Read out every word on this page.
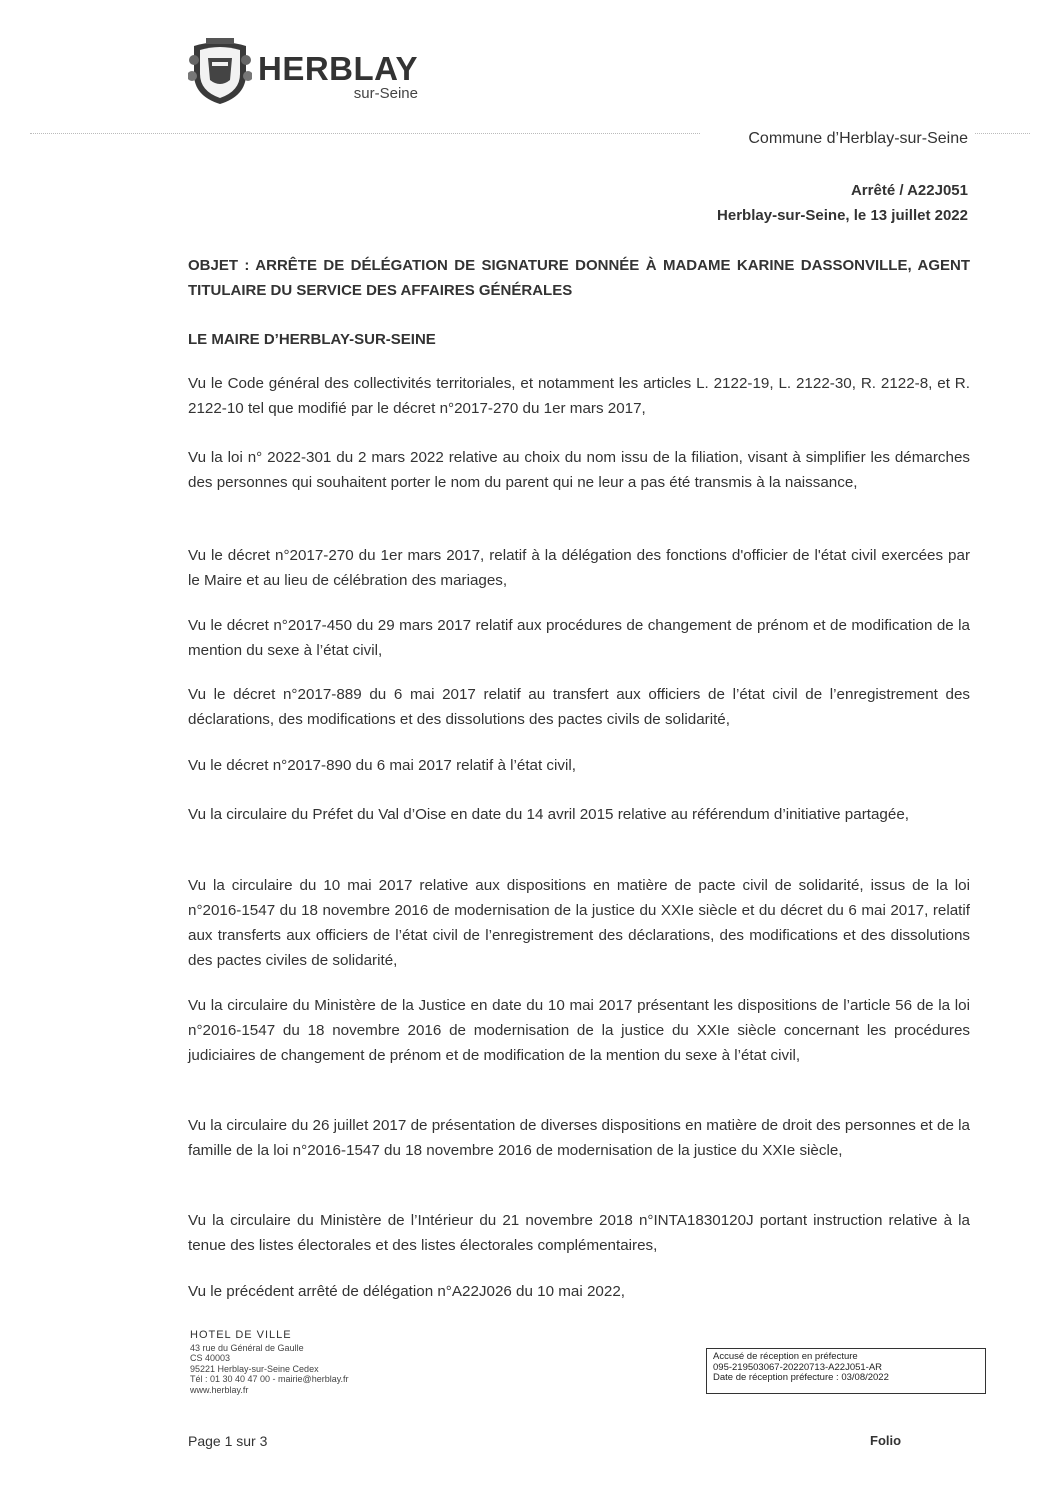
HERBLAY
sur-Seine
Commune d’Herblay-sur-Seine
Arrêté / A22J051
Herblay-sur-Seine, le 13 juillet 2022
OBJET : ARRÊTE DE DÉLÉGATION DE SIGNATURE DONNÉE À MADAME KARINE DASSONVILLE, AGENT TITULAIRE DU SERVICE DES AFFAIRES GÉNÉRALES
LE MAIRE D’HERBLAY-SUR-SEINE
Vu le Code général des collectivités territoriales, et notamment les articles L. 2122-19, L. 2122-30, R. 2122-8, et R. 2122-10 tel que modifié par le décret n°2017-270 du 1er mars 2017,
Vu la loi n° 2022-301 du 2 mars 2022 relative au choix du nom issu de la filiation, visant à simplifier les démarches des personnes qui souhaitent porter le nom du parent qui ne leur a pas été transmis à la naissance,
Vu le décret n°2017-270 du 1er mars 2017, relatif à la délégation des fonctions d'officier de l'état civil exercées par le Maire et au lieu de célébration des mariages,
Vu le décret n°2017-450 du 29 mars 2017 relatif aux procédures de changement de prénom et de modification de la mention du sexe à l’état civil,
Vu le décret n°2017-889 du 6 mai 2017 relatif au transfert aux officiers de l’état civil de l’enregistrement des déclarations, des modifications et des dissolutions des pactes civils de solidarité,
Vu le décret n°2017-890 du 6 mai 2017 relatif à l’état civil,
Vu la circulaire du Préfet du Val d’Oise en date du 14 avril 2015 relative au référendum d’initiative partagée,
Vu la circulaire du 10 mai 2017 relative aux dispositions en matière de pacte civil de solidarité, issus de la loi n°2016-1547 du 18 novembre 2016 de modernisation de la justice du XXIe siècle et du décret du 6 mai 2017, relatif aux transferts aux officiers de l’état civil de l’enregistrement des déclarations, des modifications et des dissolutions des pactes civiles de solidarité,
Vu la circulaire du Ministère de la Justice en date du 10 mai 2017 présentant les dispositions de l’article 56 de la loi n°2016-1547 du 18 novembre 2016 de modernisation de la justice du XXIe siècle concernant les procédures judiciaires de changement de prénom et de modification de la mention du sexe à l’état civil,
Vu la circulaire du 26 juillet 2017 de présentation de diverses dispositions en matière de droit des personnes et de la famille de la loi n°2016-1547 du 18 novembre 2016 de modernisation de la justice du XXIe siècle,
Vu la circulaire du Ministère de l’Intérieur du 21 novembre 2018 n°INTA1830120J portant instruction relative à la tenue des listes électorales et des listes électorales complémentaires,
Vu le précédent arrêté de délégation n°A22J026 du 10 mai 2022,
HOTEL DE VILLE
43 rue du Général de Gaulle
CS 40003
95221 Herblay-sur-Seine Cedex
Tél : 01 30 40 47 00 - mairie@herblay.fr
www.herblay.fr
Accusé de réception en préfecture
095-219503067-20220713-A22J051-AR
Date de réception préfecture : 03/08/2022
Page 1 sur 3	Folio
